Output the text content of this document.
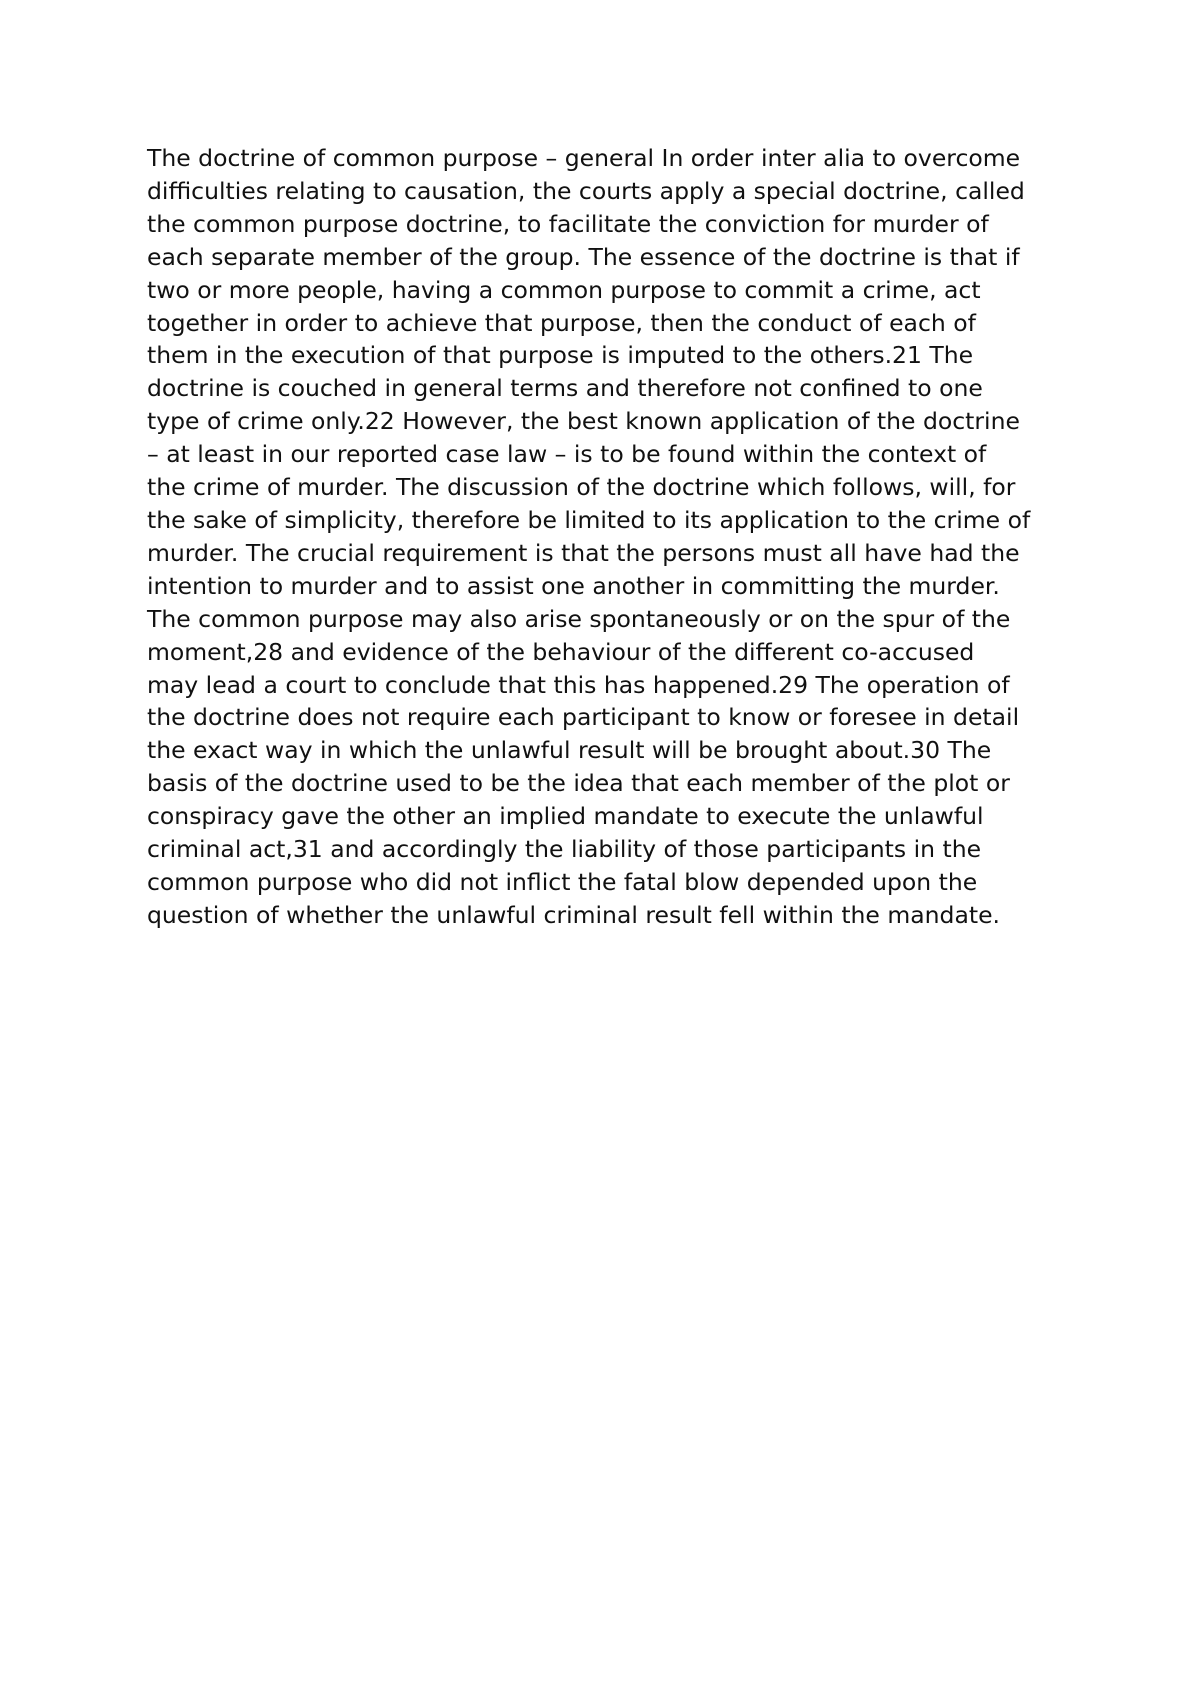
The doctrine of common purpose – general In order inter alia to overcome
difficulties relating to causation, the courts apply a special doctrine, called
the common purpose doctrine, to facilitate the conviction for murder of
each separate member of the group. The essence of the doctrine is that if
two or more people, having a common purpose to commit a crime, act
together in order to achieve that purpose, then the conduct of each of
them in the execution of that purpose is imputed to the others.21 The
doctrine is couched in general terms and therefore not confined to one
type of crime only.22 However, the best known application of the doctrine
– at least in our reported case law – is to be found within the context of
the crime of murder. The discussion of the doctrine which follows, will, for
the sake of simplicity, therefore be limited to its application to the crime of
murder. The crucial requirement is that the persons must all have had the
intention to murder and to assist one another in committing the murder.
The common purpose may also arise spontaneously or on the spur of the
moment,28 and evidence of the behaviour of the different co-accused
may lead a court to conclude that this has happened.29 The operation of
the doctrine does not require each participant to know or foresee in detail
the exact way in which the unlawful result will be brought about.30 The
basis of the doctrine used to be the idea that each member of the plot or
conspiracy gave the other an implied mandate to execute the unlawful
criminal act,31 and accordingly the liability of those participants in the
common purpose who did not inflict the fatal blow depended upon the
question of whether the unlawful criminal result fell within the mandate.
